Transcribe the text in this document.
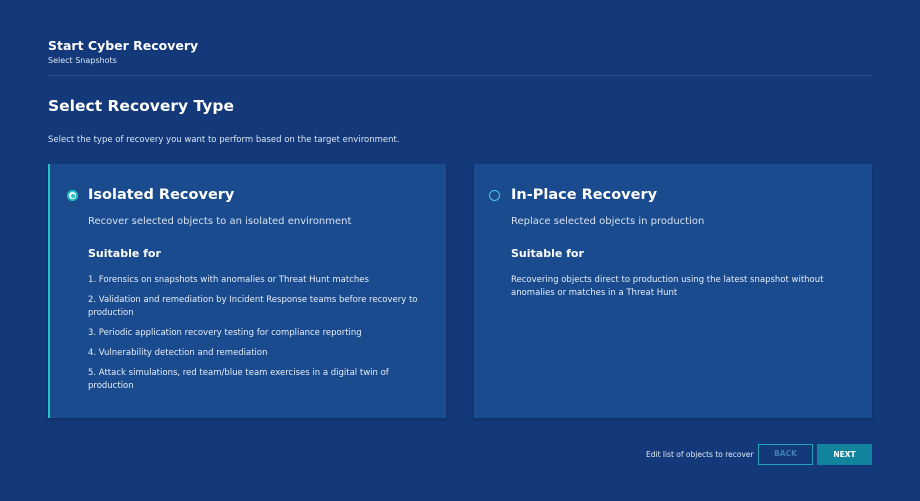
Start Cyber Recovery
Select Snapshots
Select Recovery Type
Select the type of recovery you want to perform based on the target environment.
Isolated Recovery
Recover selected objects to an isolated environment
Suitable for
1. Forensics on snapshots with anomalies or Threat Hunt matches
2. Validation and remediation by Incident Response teams before recovery to production
3. Periodic application recovery testing for compliance reporting
4. Vulnerability detection and remediation
5. Attack simulations, red team/blue team exercises in a digital twin of production
In-Place Recovery
Replace selected objects in production
Suitable for
Recovering objects direct to production using the latest snapshot without anomalies or matches in a Threat Hunt
Edit list of objects to recover	BACK	NEXT
